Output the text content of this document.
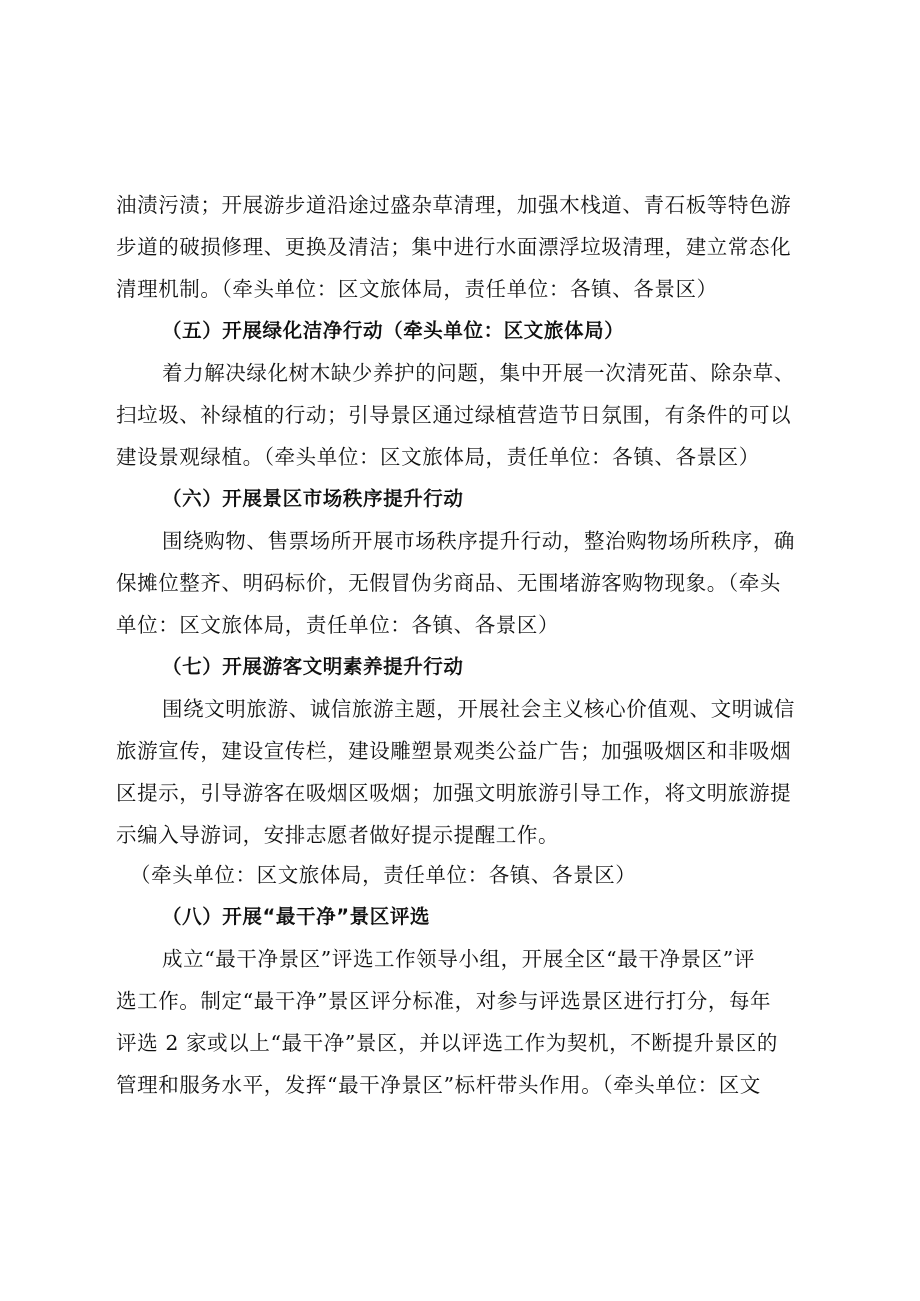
油渍污渍；开展游步道沿途过盛杂草清理，加强木栈道、青石板等特色游
步道的破损修理、更换及清洁；集中进行水面漂浮垃圾清理，建立常态化
清理机制。（牵头单位：区文旅体局，责任单位：各镇、各景区）
（五）开展绿化洁净行动（牵头单位：区文旅体局）
着力解决绿化树木缺少养护的问题，集中开展一次清死苗、除杂草、
扫垃圾、补绿植的行动；引导景区通过绿植营造节日氛围，有条件的可以
建设景观绿植。（牵头单位：区文旅体局，责任单位：各镇、各景区）
（六）开展景区市场秩序提升行动
围绕购物、售票场所开展市场秩序提升行动，整治购物场所秩序，确
保摊位整齐、明码标价，无假冒伪劣商品、无围堵游客购物现象。（牵头
单位：区文旅体局，责任单位：各镇、各景区）
（七）开展游客文明素养提升行动
围绕文明旅游、诚信旅游主题，开展社会主义核心价值观、文明诚信
旅游宣传，建设宣传栏，建设雕塑景观类公益广告；加强吸烟区和非吸烟
区提示，引导游客在吸烟区吸烟；加强文明旅游引导工作，将文明旅游提
示编入导游词，安排志愿者做好提示提醒工作。
（牵头单位：区文旅体局，责任单位：各镇、各景区）
（八）开展“最干净”景区评选
成立“最干净景区”评选工作领导小组，开展全区“最干净景区”评
选工作。制定“最干净”景区评分标准，对参与评选景区进行打分，每年
评选 2 家或以上“最干净”景区，并以评选工作为契机，不断提升景区的
管理和服务水平，发挥“最干净景区”标杆带头作用。（牵头单位：区文
